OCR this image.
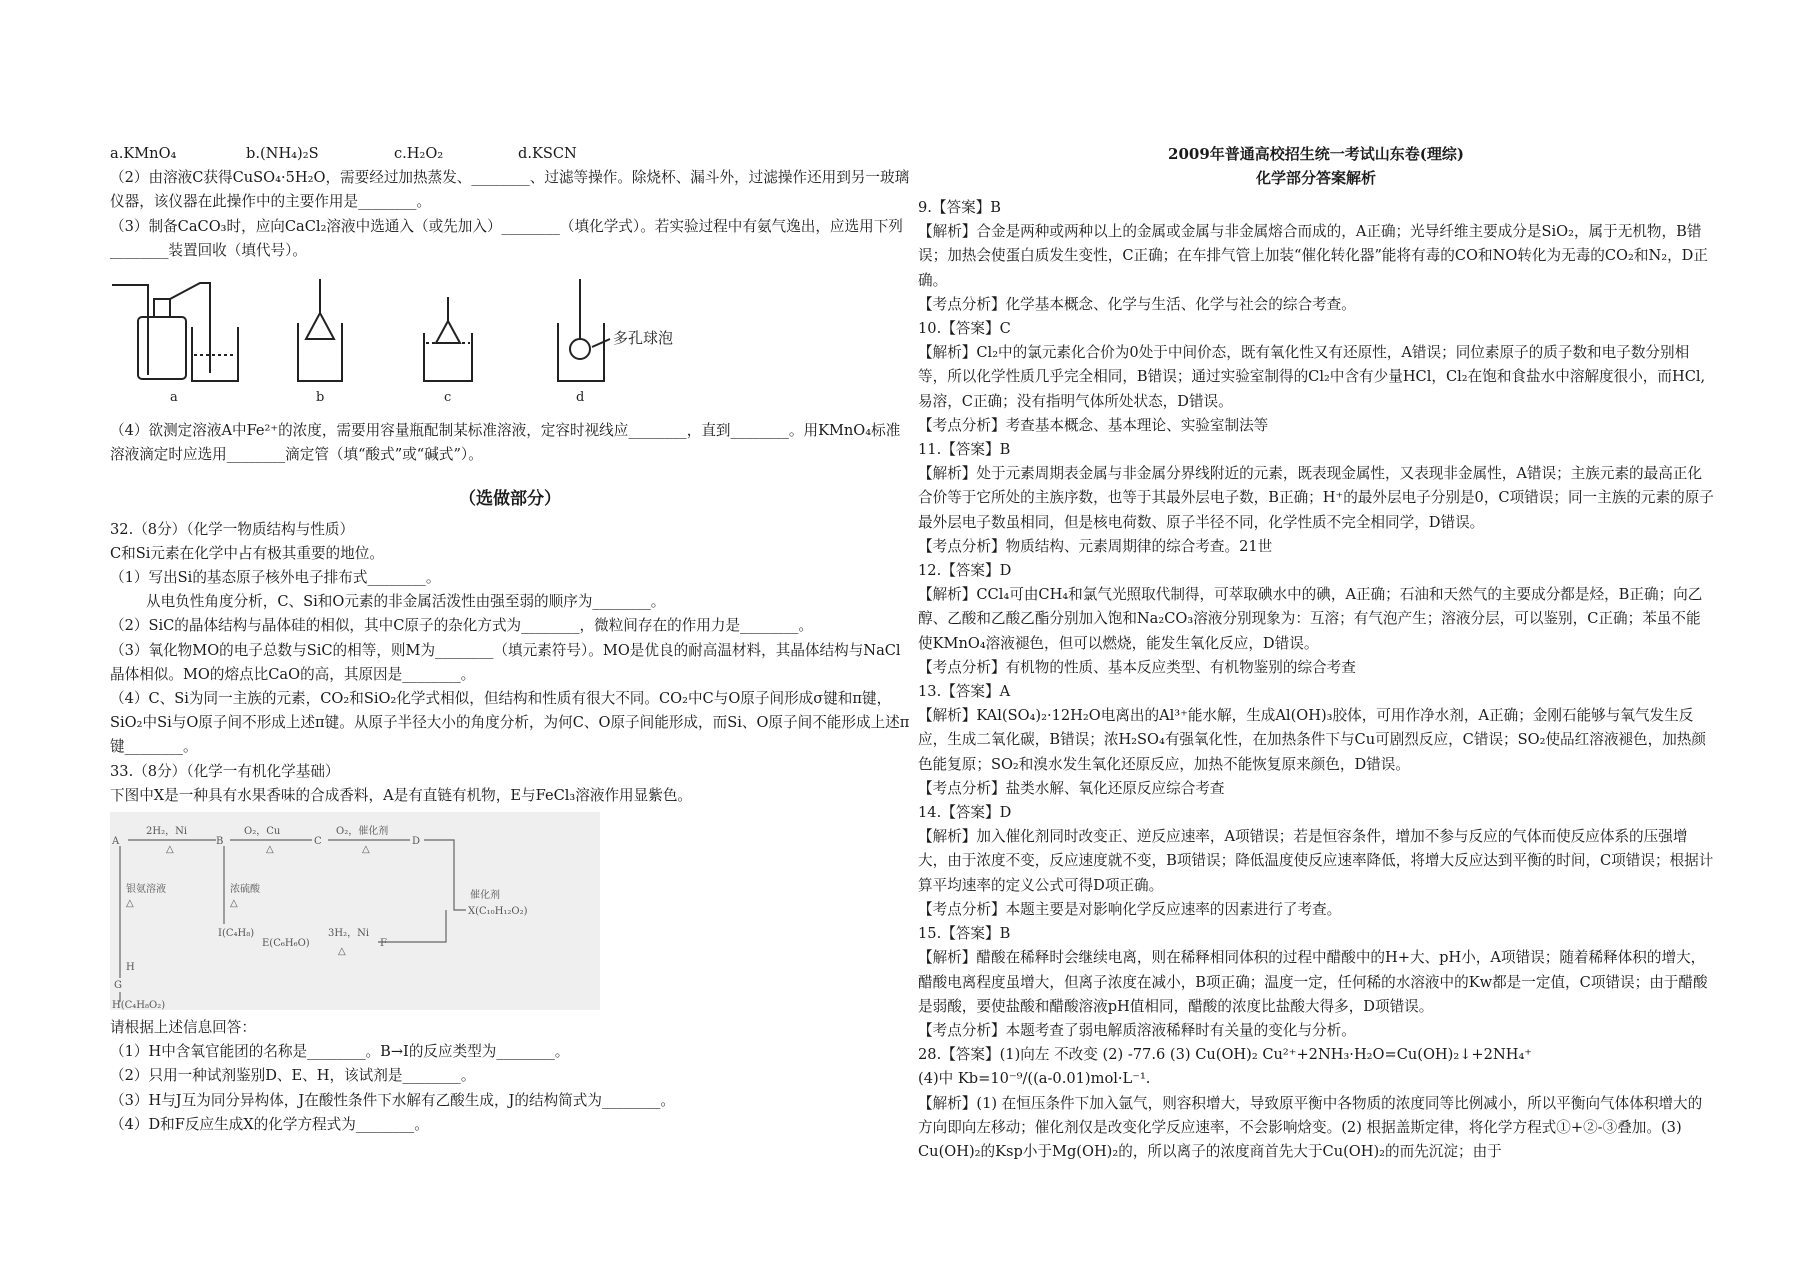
a.KMnO₄	b.(NH₄)₂S	c.H₂O₂	d.KSCN

（2）由溶液C获得CuSO₄·5H₂O，需要经过加热蒸发、________、过滤等操作。除烧杯、漏斗外，过滤操作还用到另一玻璃仪器，该仪器在此操作中的主要作用是________。

（3）制备CaCO₃时，应向CaCl₂溶液中选通入（或先加入）________（填化学式）。若实验过程中有氨气逸出，应选用下列________装置回收（填代号）。

a	b	c	d
多孔球泡

（4）欲测定溶液A中Fe²⁺的浓度，需要用容量瓶配制某标准溶液，定容时视线应________，直到________。用KMnO₄标准溶液滴定时应选用________滴定管（填“酸式”或“碱式”）。

（选做部分）

32.（8分）（化学一物质结构与性质）

C和Si元素在化学中占有极其重要的地位。

（1）写出Si的基态原子核外电子排布式________。

从电负性角度分析，C、Si和O元素的非金属活泼性由强至弱的顺序为________。

（2）SiC的晶体结构与晶体硅的相似，其中C原子的杂化方式为________，微粒间存在的作用力是________。

（3）氧化物MO的电子总数与SiC的相等，则M为________（填元素符号）。MO是优良的耐高温材料，其晶体结构与NaCl晶体相似。MO的熔点比CaO的高，其原因是________。

（4）C、Si为同一主族的元素，CO₂和SiO₂化学式相似，但结构和性质有很大不同。CO₂中C与O原子间形成σ键和π键，SiO₂中Si与O原子间不形成上述π键。从原子半径大小的角度分析，为何C、O原子间能形成，而Si、O原子间不能形成上述π键________。

33.（8分）（化学一有机化学基础）

下图中X是一种具有水果香味的合成香料，A是有直链有机物，E与FeCl₃溶液作用显紫色。

A	B	C	D
2H₂，Ni	O₂，Cu	O₂，催化剂
催化剂
X(C₁₀H₁₂O₂)
银氨溶液	浓硫酸
E(C₆H₆O)
3H₂，Ni
F
G
H
H(C₄H₈O₂)
I(C₄H₈)
△	△	△
△	△
△

请根据上述信息回答：

（1）H中含氧官能团的名称是________。B→I的反应类型为________。

（2）只用一种试剂鉴别D、E、H，该试剂是________。

（3）H与J互为同分异构体，J在酸性条件下水解有乙酸生成，J的结构简式为________。

（4）D和F反应生成X的化学方程式为________。

2009年普通高校招生统一考试山东卷(理综)
化学部分答案解析

9.【答案】B

【解析】合金是两种或两种以上的金属或金属与非金属熔合而成的，A正确；光导纤维主要成分是SiO₂，属于无机物，B错误；加热会使蛋白质发生变性，C正确；在车排气管上加装“催化转化器”能将有毒的CO和NO转化为无毒的CO₂和N₂，D正确。

【考点分析】化学基本概念、化学与生活、化学与社会的综合考查。

10.【答案】C

【解析】Cl₂中的氯元素化合价为0处于中间价态，既有氧化性又有还原性，A错误；同位素原子的质子数和电子数分别相等，所以化学性质几乎完全相同，B错误；通过实验室制得的Cl₂中含有少量HCl，Cl₂在饱和食盐水中溶解度很小，而HCl,易溶，C正确；没有指明气体所处状态，D错误。

【考点分析】考查基本概念、基本理论、实验室制法等

11.【答案】B

【解析】处于元素周期表金属与非金属分界线附近的元素，既表现金属性，又表现非金属性，A错误；主族元素的最高正化合价等于它所处的主族序数，也等于其最外层电子数，B正确；H⁺的最外层电子分别是0，C项错误；同一主族的元素的原子最外层电子数虽相同，但是核电荷数、原子半径不同，化学性质不完全相同学，D错误。

【考点分析】物质结构、元素周期律的综合考查。21世

12.【答案】D

【解析】CCl₄可由CH₄和氯气光照取代制得，可萃取碘水中的碘，A正确；石油和天然气的主要成分都是烃，B正确；向乙醇、乙酸和乙酸乙酯分别加入饱和Na₂CO₃溶液分别现象为：互溶；有气泡产生；溶液分层，可以鉴别，C正确；苯虽不能使KMnO₄溶液褪色，但可以燃烧，能发生氧化反应，D错误。

【考点分析】有机物的性质、基本反应类型、有机物鉴别的综合考查

13.【答案】A

【解析】KAl(SO₄)₂·12H₂O电离出的Al³⁺能水解，生成Al(OH)₃胶体，可用作净水剂，A正确；金刚石能够与氧气发生反应，生成二氧化碳，B错误；浓H₂SO₄有强氧化性，在加热条件下与Cu可剧烈反应，C错误；SO₂使品红溶液褪色，加热颜色能复原；SO₂和溴水发生氧化还原反应，加热不能恢复原来颜色，D错误。

【考点分析】盐类水解、氧化还原反应综合考查

14.【答案】D

【解析】加入催化剂同时改变正、逆反应速率，A项错误；若是恒容条件，增加不参与反应的气体而使反应体系的压强增大，由于浓度不变，反应速度就不变，B项错误；降低温度使反应速率降低，将增大反应达到平衡的时间，C项错误；根据计算平均速率的定义公式可得D项正确。

【考点分析】本题主要是对影响化学反应速率的因素进行了考查。

15.【答案】B

【解析】醋酸在稀释时会继续电离，则在稀释相同体积的过程中醋酸中的H+大、pH小，A项错误；随着稀释体积的增大，醋酸电离程度虽增大，但离子浓度在减小，B项正确；温度一定，任何稀的水溶液中的Kw都是一定值，C项错误；由于醋酸是弱酸，要使盐酸和醋酸溶液pH值相同，醋酸的浓度比盐酸大得多，D项错误。

【考点分析】本题考查了弱电解质溶液稀释时有关量的变化与分析。

28.【答案】(1)向左 不改变 (2) -77.6 (3) Cu(OH)₂ Cu²⁺+2NH₃·H₂O=Cu(OH)₂↓+2NH₄⁺

(4)中 Kb=10⁻⁹/((a-0.01)mol·L⁻¹.

【解析】(1) 在恒压条件下加入氩气，则容积增大，导致原平衡中各物质的浓度同等比例减小，所以平衡向气体体积增大的方向即向左移动；催化剂仅是改变化学反应速率，不会影响焓变。(2) 根据盖斯定律，将化学方程式①+②-③叠加。(3) Cu(OH)₂的Ksp小于Mg(OH)₂的，所以离子的浓度商首先大于Cu(OH)₂的而先沉淀；由于
